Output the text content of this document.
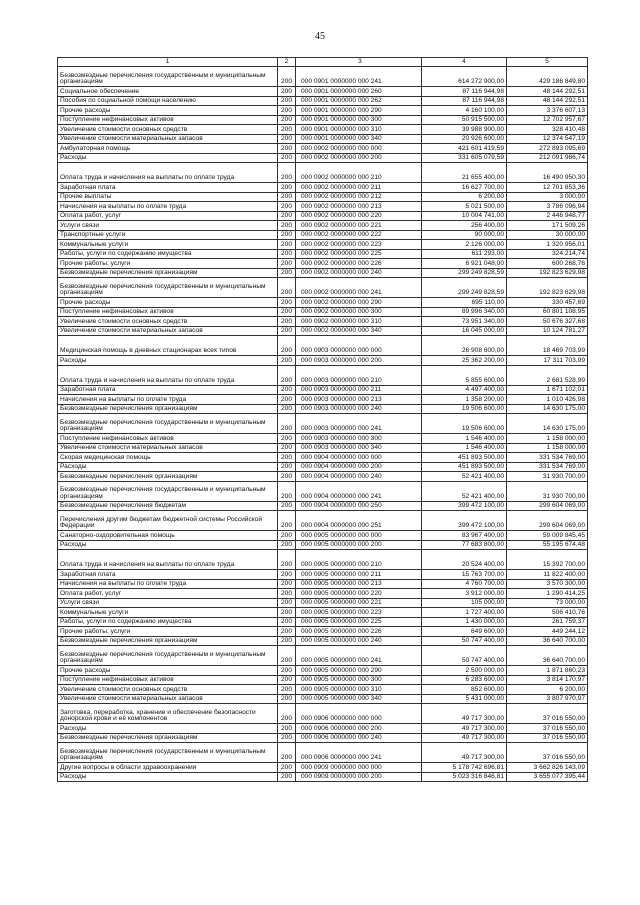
45
1	2	3	4	5
Безвозмездные перечисления государственным и муниципальным организациям	200	000 0901 0000000 000 241	614 272 900,00	429 186 849,80
Социальное обеспечение	200	000 0901 0000000 000 260	87 116 944,98	48 144 292,51
Пособия по социальной помощи населению	200	000 0901 0000000 000 262	87 116 944,98	48 144 292,51
Прочие расходы	200	000 0901 0000000 000 290	4 160 100,00	3 376 607,13
Поступление нефинансовых активов	200	000 0901 0000000 000 300	50 915 500,00	12 702 957,67
Увеличение стоимости основных средств	200	000 0901 0000000 000 310	39 988 900,00	328 410,48
Увеличение стоимости материальных запасов	200	000 0901 0000000 000 340	20 926 600,00	12 374 547,19
Амбулаторная помощь	200	000 0902 0000000 000 000	421 601 419,59	272 893 095,69
Расходы	200	000 0902 0000000 000 200	331 605 079,59	212 091 986,74
Оплата труда и начисления на выплаты по оплате труда	200	000 0902 0000000 000 210	21 655 400,00	16 490 950,30
Заработная плата	200	000 0902 0000000 000 211	16 627 700,00	12 701 853,36
Прочие выплаты	200	000 0902 0000000 000 212	6 200,00	3 000,00
Начисления на выплаты по оплате труда	200	000 0902 0000000 000 213	5 021 500,00	3 786 096,94
Оплата работ, услуг	200	000 0902 0000000 000 220	10 004 741,00	2 446 948,77
Услуги связи	200	000 0902 0000000 000 221	256 400,00	171 509,26
Транспортные услуги	200	000 0902 0000000 000 222	90 000,00	30 000,00
Коммунальные услуги	200	000 0902 0000000 000 223	2 126 000,00	1 320 956,01
Работы, услуги по содержанию имущества	200	000 0902 0000000 000 225	611 293,00	324 214,74
Прочие работы, услуги	200	000 0902 0000000 000 226	6 921 048,00	600 268,76
Безвозмездные перечисления организациям	200	000 0902 0000000 000 240	299 249 828,59	192 823 629,98
Безвозмездные перечисления государственным и муниципальным организациям	200	000 0902 0000000 000 241	299 249 828,59	192 823 629,98
Прочие расходы	200	000 0902 0000000 000 290	695 110,00	330 457,69
Поступление нефинансовых активов	200	000 0902 0000000 000 300	89 996 340,00	60 801 108,95
Увеличение стоимости основных средств	200	000 0902 0000000 000 310	73 951 340,00	50 676 327,68
Увеличение стоимости материальных запасов	200	000 0902 0000000 000 340	16 045 000,00	10 124 781,27
Медицинская помощь в дневных стационарах всех типов	200	000 0903 0000000 000 000	26 908 600,00	18 469 703,99
Расходы	200	000 0903 0000000 000 200	25 362 200,00	17 311 703,99
Оплата труда и начисления на выплаты по оплате труда	200	000 0903 0000000 000 210	5 855 600,00	2 681 528,99
Заработная плата	200	000 0903 0000000 000 211	4 497 400,00	1 671 102,01
Начисления на выплаты по оплате труда	200	000 0903 0000000 000 213	1 358 200,00	1 010 426,98
Безвозмездные перечисления организациям	200	000 0903 0000000 000 240	19 506 600,00	14 630 175,00
Безвозмездные перечисления государственным и муниципальным организациям	200	000 0903 0000000 000 241	19 506 600,00	14 630 175,00
Поступление нефинансовых активов	200	000 0903 0000000 000 300	1 546 400,00	1 158 000,00
Увеличение стоимости материальных запасов	200	000 0903 0000000 000 340	1 546 400,00	1 158 000,00
Скорая медицинская помощь	200	000 0904 0000000 000 000	451 893 500,00	331 534 769,00
Расходы	200	000 0904 0000000 000 200	451 893 500,00	331 534 769,00
Безвозмездные перечисления организациям	200	000 0904 0000000 000 240	52 421 400,00	31 930 700,00
Безвозмездные перечисления государственным и муниципальным организациям	200	000 0904 0000000 000 241	52 421 400,00	31 930 700,00
Безвозмездные перечисления бюджетам	200	000 0904 0000000 000 250	399 472 100,00	299 604 069,00
Перечисления другим бюджетам бюджетной системы Российской Федерации	200	000 0904 0000000 000 251	399 472 100,00	299 604 069,00
Санаторно-оздоровительная помощь	200	000 0905 0000000 000 000	83 967 400,00	59 009 845,45
Расходы	200	000 0905 0000000 000 200	77 683 800,00	55 195 674,48
Оплата труда и начисления на выплаты по оплате труда	200	000 0905 0000000 000 210	20 524 400,00	15 392 700,00
Заработная плата	200	000 0905 0000000 000 211	15 763 700,00	11 822 400,00
Начисления на выплаты по оплате труда	200	000 0905 0000000 000 213	4 760 700,00	3 570 300,00
Оплата работ, услуг	200	000 0905 0000000 000 220	3 912 000,00	1 290 414,25
Услуги связи	200	000 0905 0000000 000 221	105 000,00	73 000,00
Коммунальные услуги	200	000 0905 0000000 000 223	1 727 400,00	506 410,76
Работы, услуги по содержанию имущества	200	000 0905 0000000 000 225	1 430 000,00	261 759,37
Прочие работы, услуги	200	000 0905 0000000 000 226	649 600,00	449 244,12
Безвозмездные перечисления организациям	200	000 0905 0000000 000 240	50 747 400,00	36 640 700,00
Безвозмездные перечисления государственным и муниципальным организациям	200	000 0905 0000000 000 241	50 747 400,00	36 640 700,00
Прочие расходы	200	000 0905 0000000 000 290	2 500 000,00	1 871 860,23
Поступление нефинансовых активов	200	000 0905 0000000 000 300	6 283 600,00	3 814 170,97
Увеличение стоимости основных средств	200	000 0905 0000000 000 310	852 600,00	6 200,00
Увеличение стоимости материальных запасов	200	000 0905 0000000 000 340	5 431 000,00	3 807 970,97
Заготовка, переработка, хранение и обеспечение безопасности донорской крови и её компонентов	200	000 0906 0000000 000 000	49 717 300,00	37 016 550,00
Расходы	200	000 0906 0000000 000 200	49 717 300,00	37 016 550,00
Безвозмездные перечисления организациям	200	000 0906 0000000 000 240	49 717 300,00	37 016 550,00
Безвозмездные перечисления государственным и муниципальным организациям	200	000 0906 0000000 000 241	49 717 300,00	37 016 550,00
Другие вопросы в области здравоохранения	200	000 0909 0000000 000 000	5 178 742 696,81	3 662 826 143,09
Расходы	200	000 0909 0000000 000 200	5 023 316 846,81	3 655 077 395,44
